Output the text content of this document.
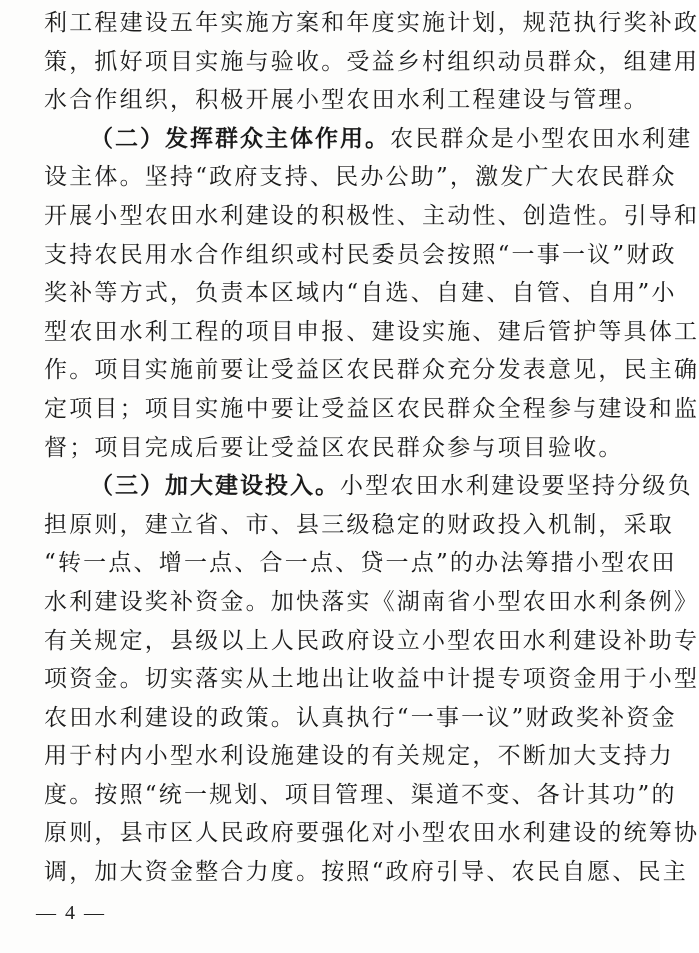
利工程建设五年实施方案和年度实施计划，规范执行奖补政
策，抓好项目实施与验收。受益乡村组织动员群众，组建用
水合作组织，积极开展小型农田水利工程建设与管理。
（二）发挥群众主体作用。农民群众是小型农田水利建
设主体。坚持“政府支持、民办公助”，激发广大农民群众
开展小型农田水利建设的积极性、主动性、创造性。引导和
支持农民用水合作组织或村民委员会按照“一事一议”财政
奖补等方式，负责本区域内“自选、自建、自管、自用”小
型农田水利工程的项目申报、建设实施、建后管护等具体工
作。项目实施前要让受益区农民群众充分发表意见，民主确
定项目；项目实施中要让受益区农民群众全程参与建设和监
督；项目完成后要让受益区农民群众参与项目验收。
（三）加大建设投入。小型农田水利建设要坚持分级负
担原则，建立省、市、县三级稳定的财政投入机制，采取
“转一点、增一点、合一点、贷一点”的办法筹措小型农田
水利建设奖补资金。加快落实《湖南省小型农田水利条例》
有关规定，县级以上人民政府设立小型农田水利建设补助专
项资金。切实落实从土地出让收益中计提专项资金用于小型
农田水利建设的政策。认真执行“一事一议”财政奖补资金
用于村内小型水利设施建设的有关规定，不断加大支持力
度。按照“统一规划、项目管理、渠道不变、各计其功”的
原则，县市区人民政府要强化对小型农田水利建设的统筹协
调，加大资金整合力度。按照“政府引导、农民自愿、民主
— 4 —
